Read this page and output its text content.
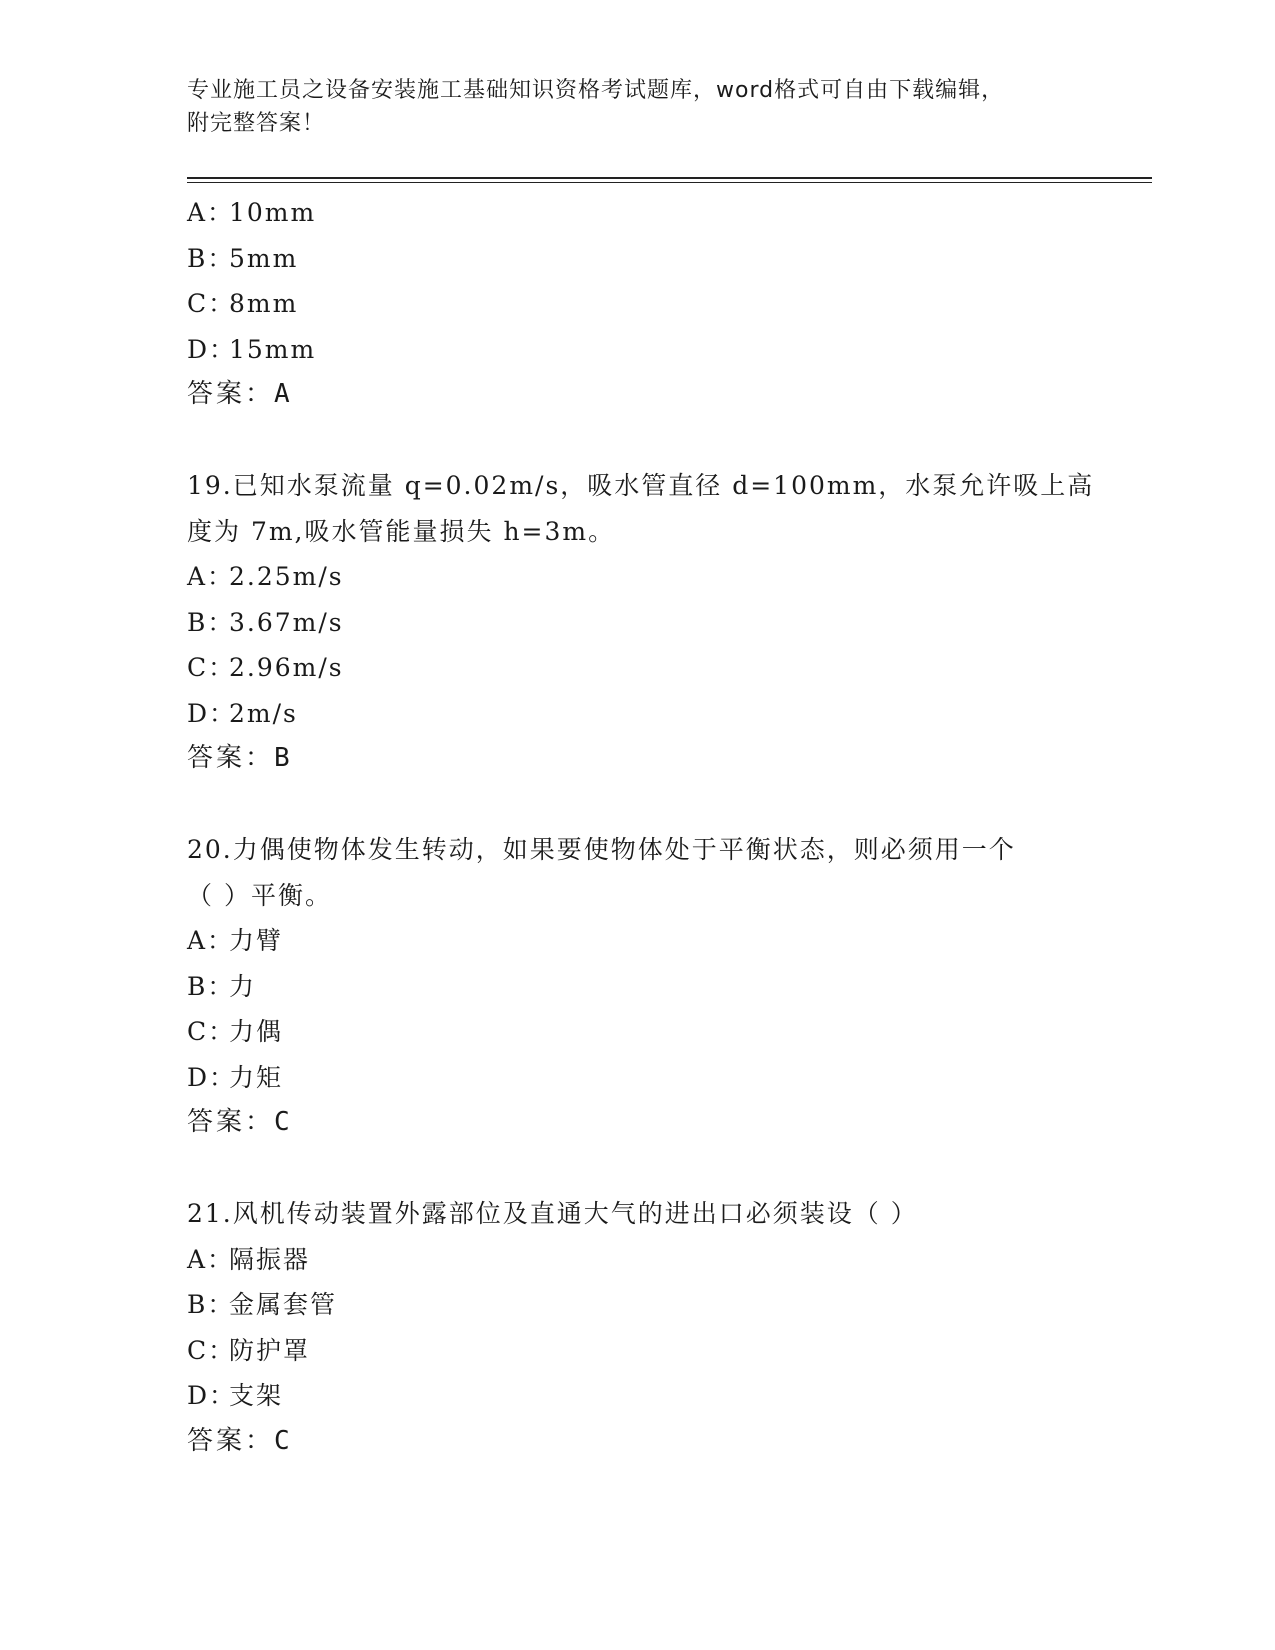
专业施工员之设备安装施工基础知识资格考试题库，word格式可自由下载编辑，
附完整答案！
A：10mm
B：5mm
C：8mm
D：15mm
答案：A
19.已知水泵流量 q=0.02m/s，吸水管直径 d=100mm，水泵允许吸上高
度为 7m,吸水管能量损失 h=3m。
A：2.25m/s
B：3.67m/s
C：2.96m/s
D：2m/s
答案：B
20.力偶使物体发生转动，如果要使物体处于平衡状态，则必须用一个
（ ）平衡。
A：力臂
B：力
C：力偶
D：力矩
答案：C
21.风机传动装置外露部位及直通大气的进出口必须装设（ ）
A：隔振器
B：金属套管
C：防护罩
D：支架
答案：C
